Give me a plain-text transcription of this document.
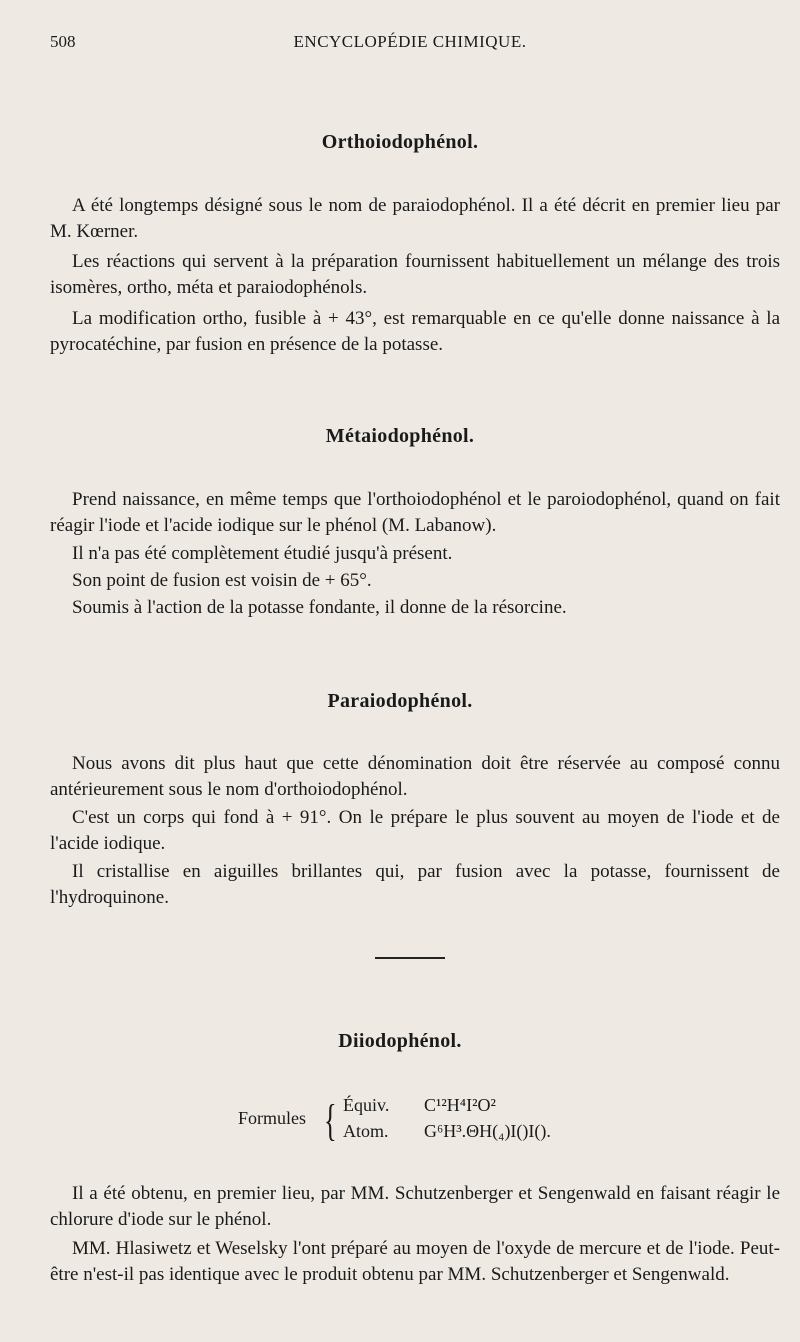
508	ENCYCLOPÉDIE CHIMIQUE.
Orthoiodophénol.

A été longtemps désigné sous le nom de paraiodophénol. Il a été décrit en premier lieu par M. Kœrner.

Les réactions qui servent à la préparation fournissent habituellement un mélange des trois isomères, ortho, méta et paraiodophénols.

La modification ortho, fusible à + 43°, est remarquable en ce qu'elle donne naissance à la pyrocatéchine, par fusion en présence de la potasse.

Métaiodophénol.

Prend naissance, en même temps que l'orthoiodophénol et le paroiodophénol, quand on fait réagir l'iode et l'acide iodique sur le phénol (M. Labanow).

Il n'a pas été complètement étudié jusqu'à présent.

Son point de fusion est voisin de + 65°.

Soumis à l'action de la potasse fondante, il donne de la résorcine.

Paraiodophénol.

Nous avons dit plus haut que cette dénomination doit être réservée au composé connu antérieurement sous le nom d'orthoiodophénol.

C'est un corps qui fond à + 91°. On le prépare le plus souvent au moyen de l'iode et de l'acide iodique.

Il cristallise en aiguilles brillantes qui, par fusion avec la potasse, fournissent de l'hydroquinone.

Diiodophénol.
Formules { Équiv. C¹²H⁴I²O²
Atom. G⁶H³.ΘH(₄)I()I().

Il a été obtenu, en premier lieu, par MM. Schutzenberger et Sengenwald en faisant réagir le chlorure d'iode sur le phénol.

MM. Hlasiwetz et Weselsky l'ont préparé au moyen de l'oxyde de mercure et de l'iode. Peut-être n'est-il pas identique avec le produit obtenu par MM. Schutzenberger et Sengenwald.
